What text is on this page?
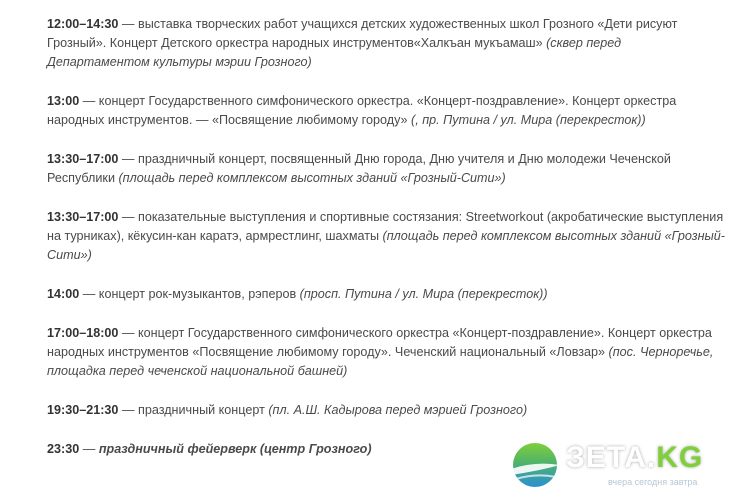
12:00–14:30 — выставка творческих работ учащихся детских художественных школ Грозного «Дети рисуют Грозный». Концерт Детского оркестра народных инструментов«Халкъан мукъамаш» (сквер перед Департаментом культуры мэрии Грозного)

13:00 — концерт Государственного симфонического оркестра. «Концерт-поздравление». Концерт оркестра народных инструментов. — «Посвящение любимому городу» (, пр. Путина / ул. Мира (перекресток))

13:30–17:00 — праздничный концерт, посвященный Дню города, Дню учителя и Дню молодежи Чеченской Республики (площадь перед комплексом высотных зданий «Грозный-Сити»)

13:30–17:00 — показательные выступления и спортивные состязания: Streetworkout (акробатические выступления на турниках), кёкусин-кан каратэ, армрестлинг, шахматы (площадь перед комплексом высотных зданий «Грозный-Сити»)

14:00 — концерт рок-музыкантов, рэперов (просп. Путина / ул. Мира (перекресток))

17:00–18:00 — концерт Государственного симфонического оркестра «Концерт-поздравление». Концерт оркестра народных инструментов «Посвящение любимому городу». Чеченский национальный «Ловзар» (пос. Черноречье, площадка перед чеченской национальной башней)

19:30–21:30 — праздничный концерт (пл. А.Ш. Кадырова перед мэрией Грозного)

23:30 — праздничный фейерверк (центр Грозного)	ЗЕТА.KG
вчера сегодня завтра
